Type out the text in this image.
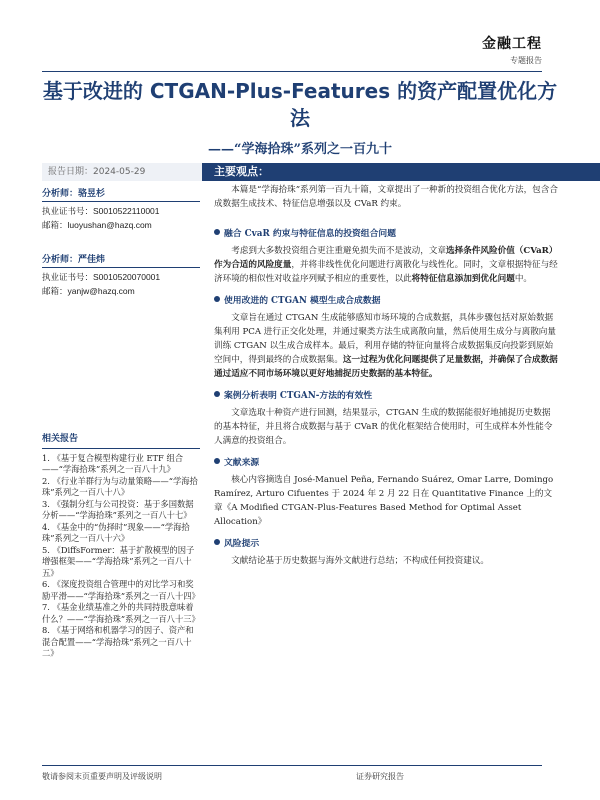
金融工程
专题报告
基于改进的 CTGAN-Plus-Features 的资产配置优化方法
——“学海拾珠”系列之一百九十
报告日期：2024-05-29	主要观点：
分析师：骆昱杉
执业证书号：S0010522110001
邮箱：luoyushan@hazq.com
分析师：严佳炜
执业证书号：S0010520070001
邮箱：yanjw@hazq.com
相关报告
1. 《基于复合模型构建行业 ETF 组合——“学海拾珠”系列之一百八十九》
2. 《行业羊群行为与动量策略——“学海拾珠”系列之一百八十八》
3. 《强制分红与公司投资：基于多国数据分析——“学海拾珠”系列之一百八十七》
4. 《基金中的“伪择时”现象——“学海拾珠”系列之一百八十六》
5. 《DiffsFormer：基于扩散模型的因子增强框架——“学海拾珠”系列之一百八十五》
6. 《深度投资组合管理中的对比学习和奖励平滑——“学海拾珠”系列之一百八十四》
7. 《基金业绩基准之外的共同持股意味着什么？——“学海拾珠”系列之一百八十三》
8. 《基于网络和机器学习的因子、资产和混合配置——“学海拾珠”系列之一百八十二》

本篇是“学海拾珠”系列第一百九十篇，文章提出了一种新的投资组合优化方法，包含合成数据生成技术、特征信息增强以及 CVaR 约束。

融合 CvaR 约束与特征信息的投资组合问题

考虑到大多数投资组合更注重避免损失而不是波动，文章选择条件风险价值（CVaR）作为合适的风险度量，并将非线性优化问题进行离散化与线性化。同时，文章根据特征与经济环境的相似性对收益序列赋予相应的重要性，以此将特征信息添加到优化问题中。

使用改进的 CTGAN 模型生成合成数据

文章旨在通过 CTGAN 生成能够感知市场环境的合成数据，具体步骤包括对原始数据集利用 PCA 进行正交化处理，并通过聚类方法生成离散向量，然后使用生成分与离散向量训练 CTGAN 以生成合成样本。最后，利用存储的特征向量将合成数据集反向投影到原始空间中，得到最终的合成数据集。这一过程为优化问题提供了足量数据，并确保了合成数据通过适应不同市场环境以更好地捕捉历史数据的基本特征。

案例分析表明 CTGAN-方法的有效性

文章选取十种资产进行回测，结果显示，CTGAN 生成的数据能很好地捕捉历史数据的基本特征，并且将合成数据与基于 CVaR 的优化框架结合使用时，可生成样本外性能令人满意的投资组合。

文献来源

核心内容摘选自 José-Manuel Peña, Fernando Suárez, Omar Larre, Domingo Ramírez, Arturo Cifuentes 于 2024 年 2 月 22 日在 Quantitative Finance 上的文章《A Modified CTGAN-Plus-Features Based Method for Optimal Asset Allocation》

风险提示

文献结论基于历史数据与海外文献进行总结；不构成任何投资建议。

敬请参阅末页重要声明及评级说明	证券研究报告
